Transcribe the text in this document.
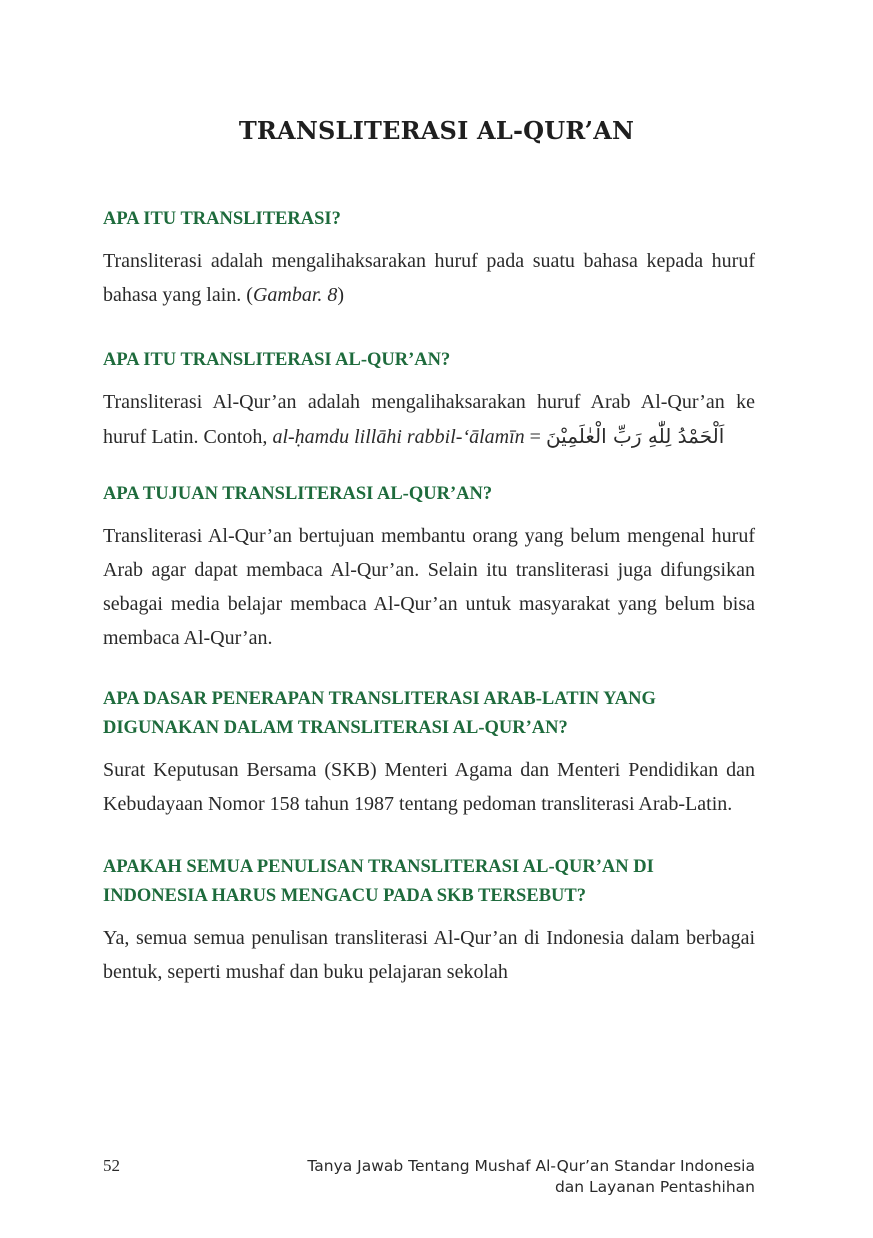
TRANSLITERASI AL-QUR’AN
APA ITU TRANSLITERASI?

Transliterasi adalah mengalihaksarakan huruf pada suatu bahasa kepada huruf bahasa yang lain. (Gambar. 8)

APA ITU TRANSLITERASI AL-QUR’AN?

Transliterasi Al-Qur’an adalah mengalihaksarakan huruf Arab Al-Qur’an ke huruf Latin. Contoh, al-ḥamdu lillāhi rabbil-‘ālamīn = اَلْحَمْدُ لِلّٰهِ رَبِّ الْعٰلَمِيْنَ

APA TUJUAN TRANSLITERASI AL-QUR’AN?

Transliterasi Al-Qur’an bertujuan membantu orang yang belum mengenal huruf Arab agar dapat membaca Al-Qur’an. Selain itu transliterasi juga difungsikan sebagai media belajar membaca Al-Qur’an untuk masyarakat yang belum bisa membaca Al-Qur’an.

APA DASAR PENERAPAN TRANSLITERASI ARAB-LATIN YANG DIGUNAKAN DALAM TRANSLITERASI AL-QUR’AN?

Surat Keputusan Bersama (SKB) Menteri Agama dan Menteri Pendidikan dan Kebudayaan Nomor 158 tahun 1987 tentang pedoman transliterasi Arab-Latin.

APAKAH SEMUA PENULISAN TRANSLITERASI AL-QUR’AN DI INDONESIA HARUS MENGACU PADA SKB TERSEBUT?

Ya, semua semua penulisan transliterasi Al-Qur’an di Indonesia dalam berbagai bentuk, seperti mushaf dan buku pelajaran sekolah

52	Tanya Jawab Tentang Mushaf Al-Qur’an Standar Indonesia
dan Layanan Pentashihan
